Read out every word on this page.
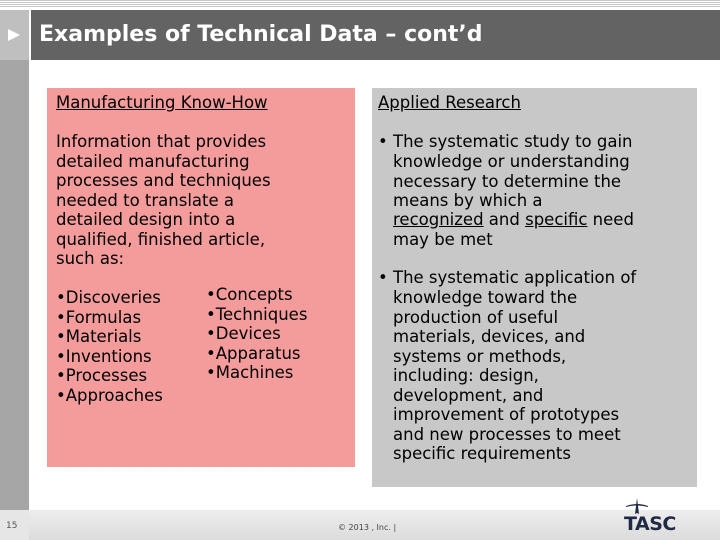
Examples of Technical Data – cont’d
Manufacturing Know-How
Information that provides
detailed manufacturing
processes and techniques
needed to translate a
detailed design into a
qualified, finished article,
such as:
•Discoveries
•Formulas
•Materials
•Inventions
•Processes
•Approaches
•Concepts
•Techniques
•Devices
•Apparatus
•Machines
Applied Research
• The systematic study to gain
recognized and specific need
may be met
knowledge or understanding
necessary to determine the
means by which a
• The systematic application of
knowledge toward the
production of useful
materials, devices, and
systems or methods,
including: design,
development, and
improvement of prototypes
and new processes to meet
specific requirements
15	© 2013 , Inc. |	TASC
